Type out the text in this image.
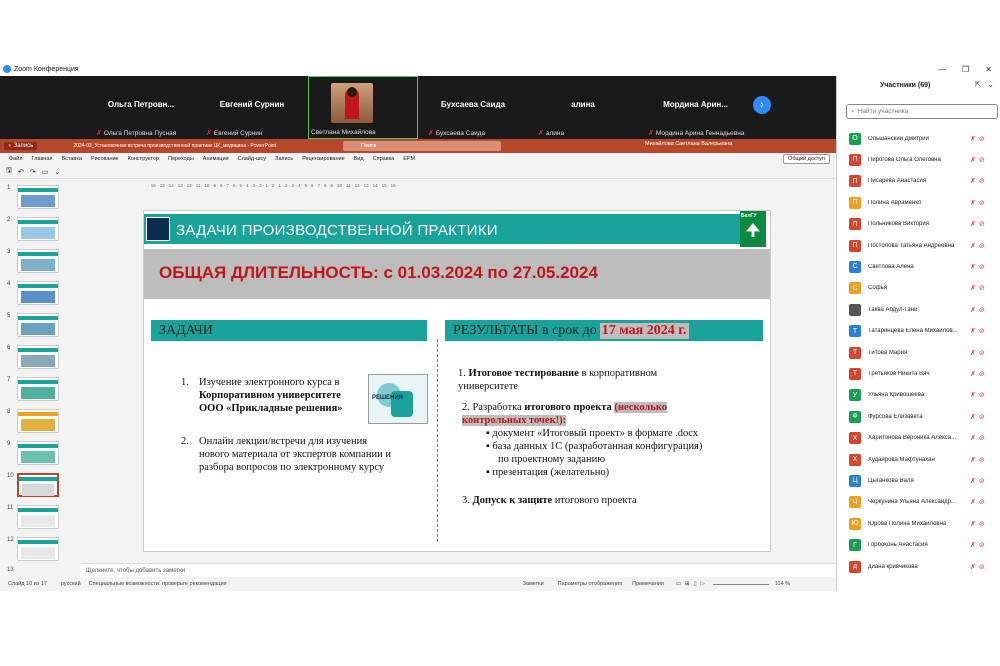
Zoom Конференция	— ❐ ✕
Ольга Петровн...
✗ Ольга Петровна Пусная
Евгений Сурнин
✗ Евгений Сурнин	Светлана Михайлова
Бухсаева Саида
✗ Бухсаева Саида
алина
✗ алина
Мордина Арин...
✗ Мордина Арина Геннадьевна
›
● Запись	2024-03_Установочная встреча производственной практики ЦК_медицина - PowerPoint	Поиск	Михайлова Светлана Валерьевна
Файл Главная Вставка Рисование Конструктор Переходы Анимация Слайд-шоу Запись Рецензирование Вид Справка EPM	Общий доступ
🖫 ↶ ↷ ▭ ⌄
· 16 · 15 · 14 · 13 · 12 · 11 · 10 · 9 · 8 · 7 · 6 · 5 · 4 · 3 · 2 · 1 · 0 · 1 · 2 · 3 · 4 · 5 · 6 · 7 · 8 · 9 · 10 · 11 · 12 · 13 · 14 · 15 · 16 ·
1
2
3
4
5
6
7
8
9
10
11
12
13
ЗАДАЧИ ПРОИЗВОДСТВЕННОЙ ПРАКТИКИ
БелГУ
ОБЩАЯ ДЛИТЕЛЬНОСТЬ: с 01.03.2024 по 27.05.2024
ЗАДАЧИ	РЕЗУЛЬТАТЫ в срок до 17 мая 2024 г.
1. Изучение электронного курса в
Корпоративном университете
ООО «Прикладные решения»
2. Онлайн лекции/встречи для изучения
нового материала от экспертов компании и
разбора вопросов по электронному курсу
РЕШЕНИЯ
1. Итоговое тестирование в корпоративном
университете
2. Разработка итогового проекта (несколько
контрольных точек!):
▪ документ «Итоговый проект» в формате .docx
▪ база данных 1С (разработанная конфигурация)
по проектному заданию
▪ презентация (желательно)
3. Допуск к защите итогового проекта
Щелкните, чтобы добавить заметки
Слайд 10 из 17	русский Специальные возможности: проверьте рекомендации	Заметки	Параметры отображения Примечания ▭ ⊞ ▯ ▷	114 %
Участники (69)	⇱ ⌄
⌕ Найти участника
О	Ольшанский Дмитрий	✗ ⊘
П	Пирогова Ольга Олеговна	✗ ⊘
П	Писарева Анастасия	✗ ⊘
П	Полина Авраменко	✗ ⊘
П	Польникова Виктория	✗ ⊘
П	Постолова Татьяна Андреевна	✗ ⊘
С	Светлова Алена	✗ ⊘
С	Софья	✗ ⊘
Таква Абдул-Гани	✗ ⊘
Т	Татаринцева Елена Михайлов...	✗ ⊘
Т	Титова Мария	✗ ⊘
Т	Третьяков Никита Вяч	✗ ⊘
У	Ульяна Кривошеева	✗ ⊘
Ф	Фурсова Елизавета	✗ ⊘
Х	Харитонова Вероника Алекса...	✗ ⊘
Х	Худаярова Мафтунахан	✗ ⊘
Ц	Цыганкова Валя	✗ ⊘
Ч	Черкунина Ульяна Александр...	✗ ⊘
Ю	Юрова Полина Михайловна	✗ ⊘
Г	Горбоконь Анастасия	✗ ⊘
д	диана кривчикова	✗ ⊘
